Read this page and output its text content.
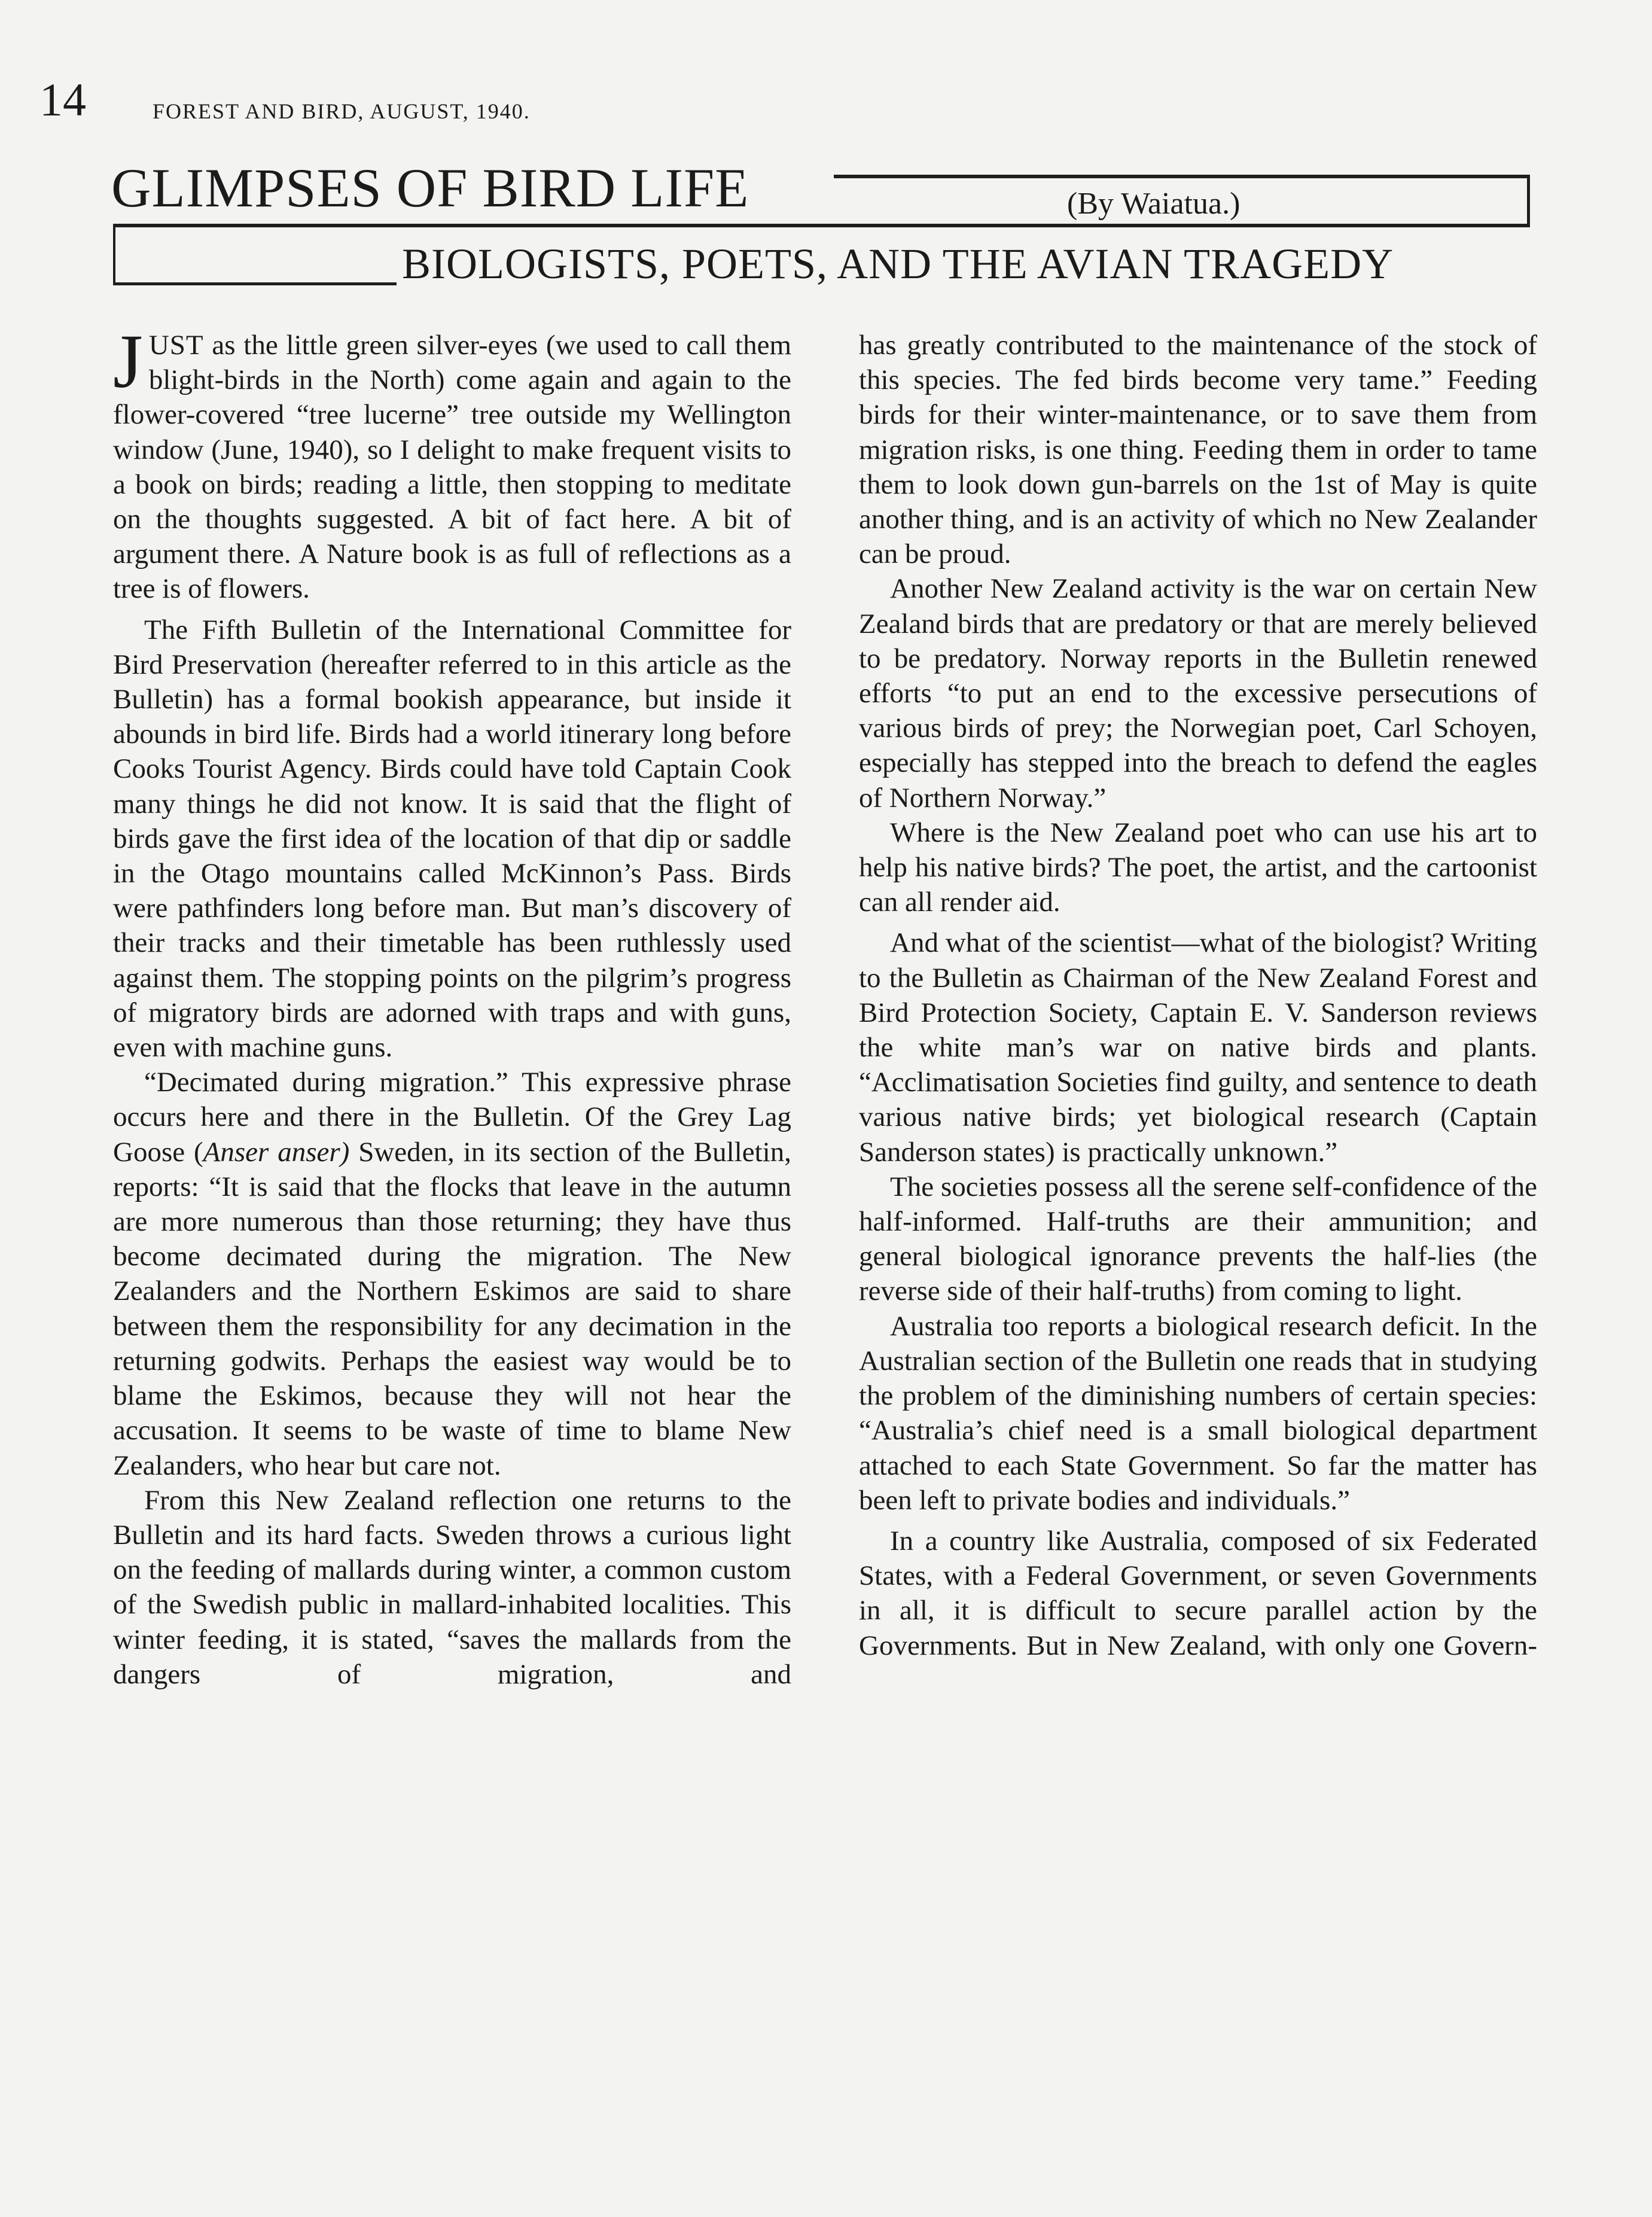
14	FOREST AND BIRD, AUGUST, 1940.
GLIMPSES OF BIRD LIFE	(By Waiatua.)
BIOLOGISTS, POETS, AND THE AVIAN TRAGEDY

JUST as the little green silver-eyes (we used to call them blight-birds in the North) come again and again to the flower-covered “tree lucerne” tree outside my Wellington window (June, 1940), so I delight to make frequent visits to a book on birds; reading a little, then stopping to meditate on the thoughts suggested. A bit of fact here. A bit of argument there. A Nature book is as full of reflections as a tree is of flowers.

The Fifth Bulletin of the International Committee for Bird Preservation (hereafter referred to in this article as the Bulletin) has a formal bookish appearance, but inside it abounds in bird life. Birds had a world itinerary long before Cooks Tourist Agency. Birds could have told Captain Cook many things he did not know. It is said that the flight of birds gave the first idea of the location of that dip or saddle in the Otago mountains called McKinnon’s Pass. Birds were pathfinders long before man. But man’s discovery of their tracks and their timetable has been ruthlessly used against them. The stopping points on the pilgrim’s progress of migratory birds are adorned with traps and with guns, even with machine guns.

“Decimated during migration.” This expressive phrase occurs here and there in the Bulletin. Of the Grey Lag Goose (Anser anser) Sweden, in its section of the Bulletin, reports: “It is said that the flocks that leave in the autumn are more numerous than those returning; they have thus become decimated during the migration. The New Zealanders and the Northern Eskimos are said to share between them the responsibility for any decimation in the returning godwits. Perhaps the easiest way would be to blame the Eskimos, because they will not hear the accusation. It seems to be waste of time to blame New Zealanders, who hear but care not.

From this New Zealand reflection one returns to the Bulletin and its hard facts. Sweden throws a curious light on the feeding of mallards during winter, a common custom of the Swedish public in mallard-inhabited localities. This winter feeding, it is stated, “saves the mallards from the dangers of migration, and

has greatly contributed to the maintenance of the stock of this species. The fed birds become very tame.” Feeding birds for their winter-maintenance, or to save them from migration risks, is one thing. Feeding them in order to tame them to look down gun-barrels on the 1st of May is quite another thing, and is an activity of which no New Zealander can be proud.

Another New Zealand activity is the war on certain New Zealand birds that are predatory or that are merely believed to be predatory. Norway reports in the Bulletin renewed efforts “to put an end to the excessive persecutions of various birds of prey; the Norwegian poet, Carl Schoyen, especially has stepped into the breach to defend the eagles of Northern Norway.”

Where is the New Zealand poet who can use his art to help his native birds? The poet, the artist, and the cartoonist can all render aid.

And what of the scientist—what of the biologist? Writing to the Bulletin as Chairman of the New Zealand Forest and Bird Protection Society, Captain E. V. Sanderson reviews the white man’s war on native birds and plants. “Acclimatisation Societies find guilty, and sentence to death various native birds; yet biological research (Captain Sanderson states) is practically unknown.”

The societies possess all the serene self-confidence of the half-informed. Half-truths are their ammunition; and general biological ignorance prevents the half-lies (the reverse side of their half-truths) from coming to light.

Australia too reports a biological research deficit. In the Australian section of the Bulletin one reads that in studying the problem of the diminishing numbers of certain species: “Australia’s chief need is a small biological department attached to each State Government. So far the matter has been left to private bodies and individuals.”

In a country like Australia, composed of six Federated States, with a Federal Government, or seven Governments in all, it is difficult to secure parallel action by the Governments. But in New Zealand, with only one Govern-
